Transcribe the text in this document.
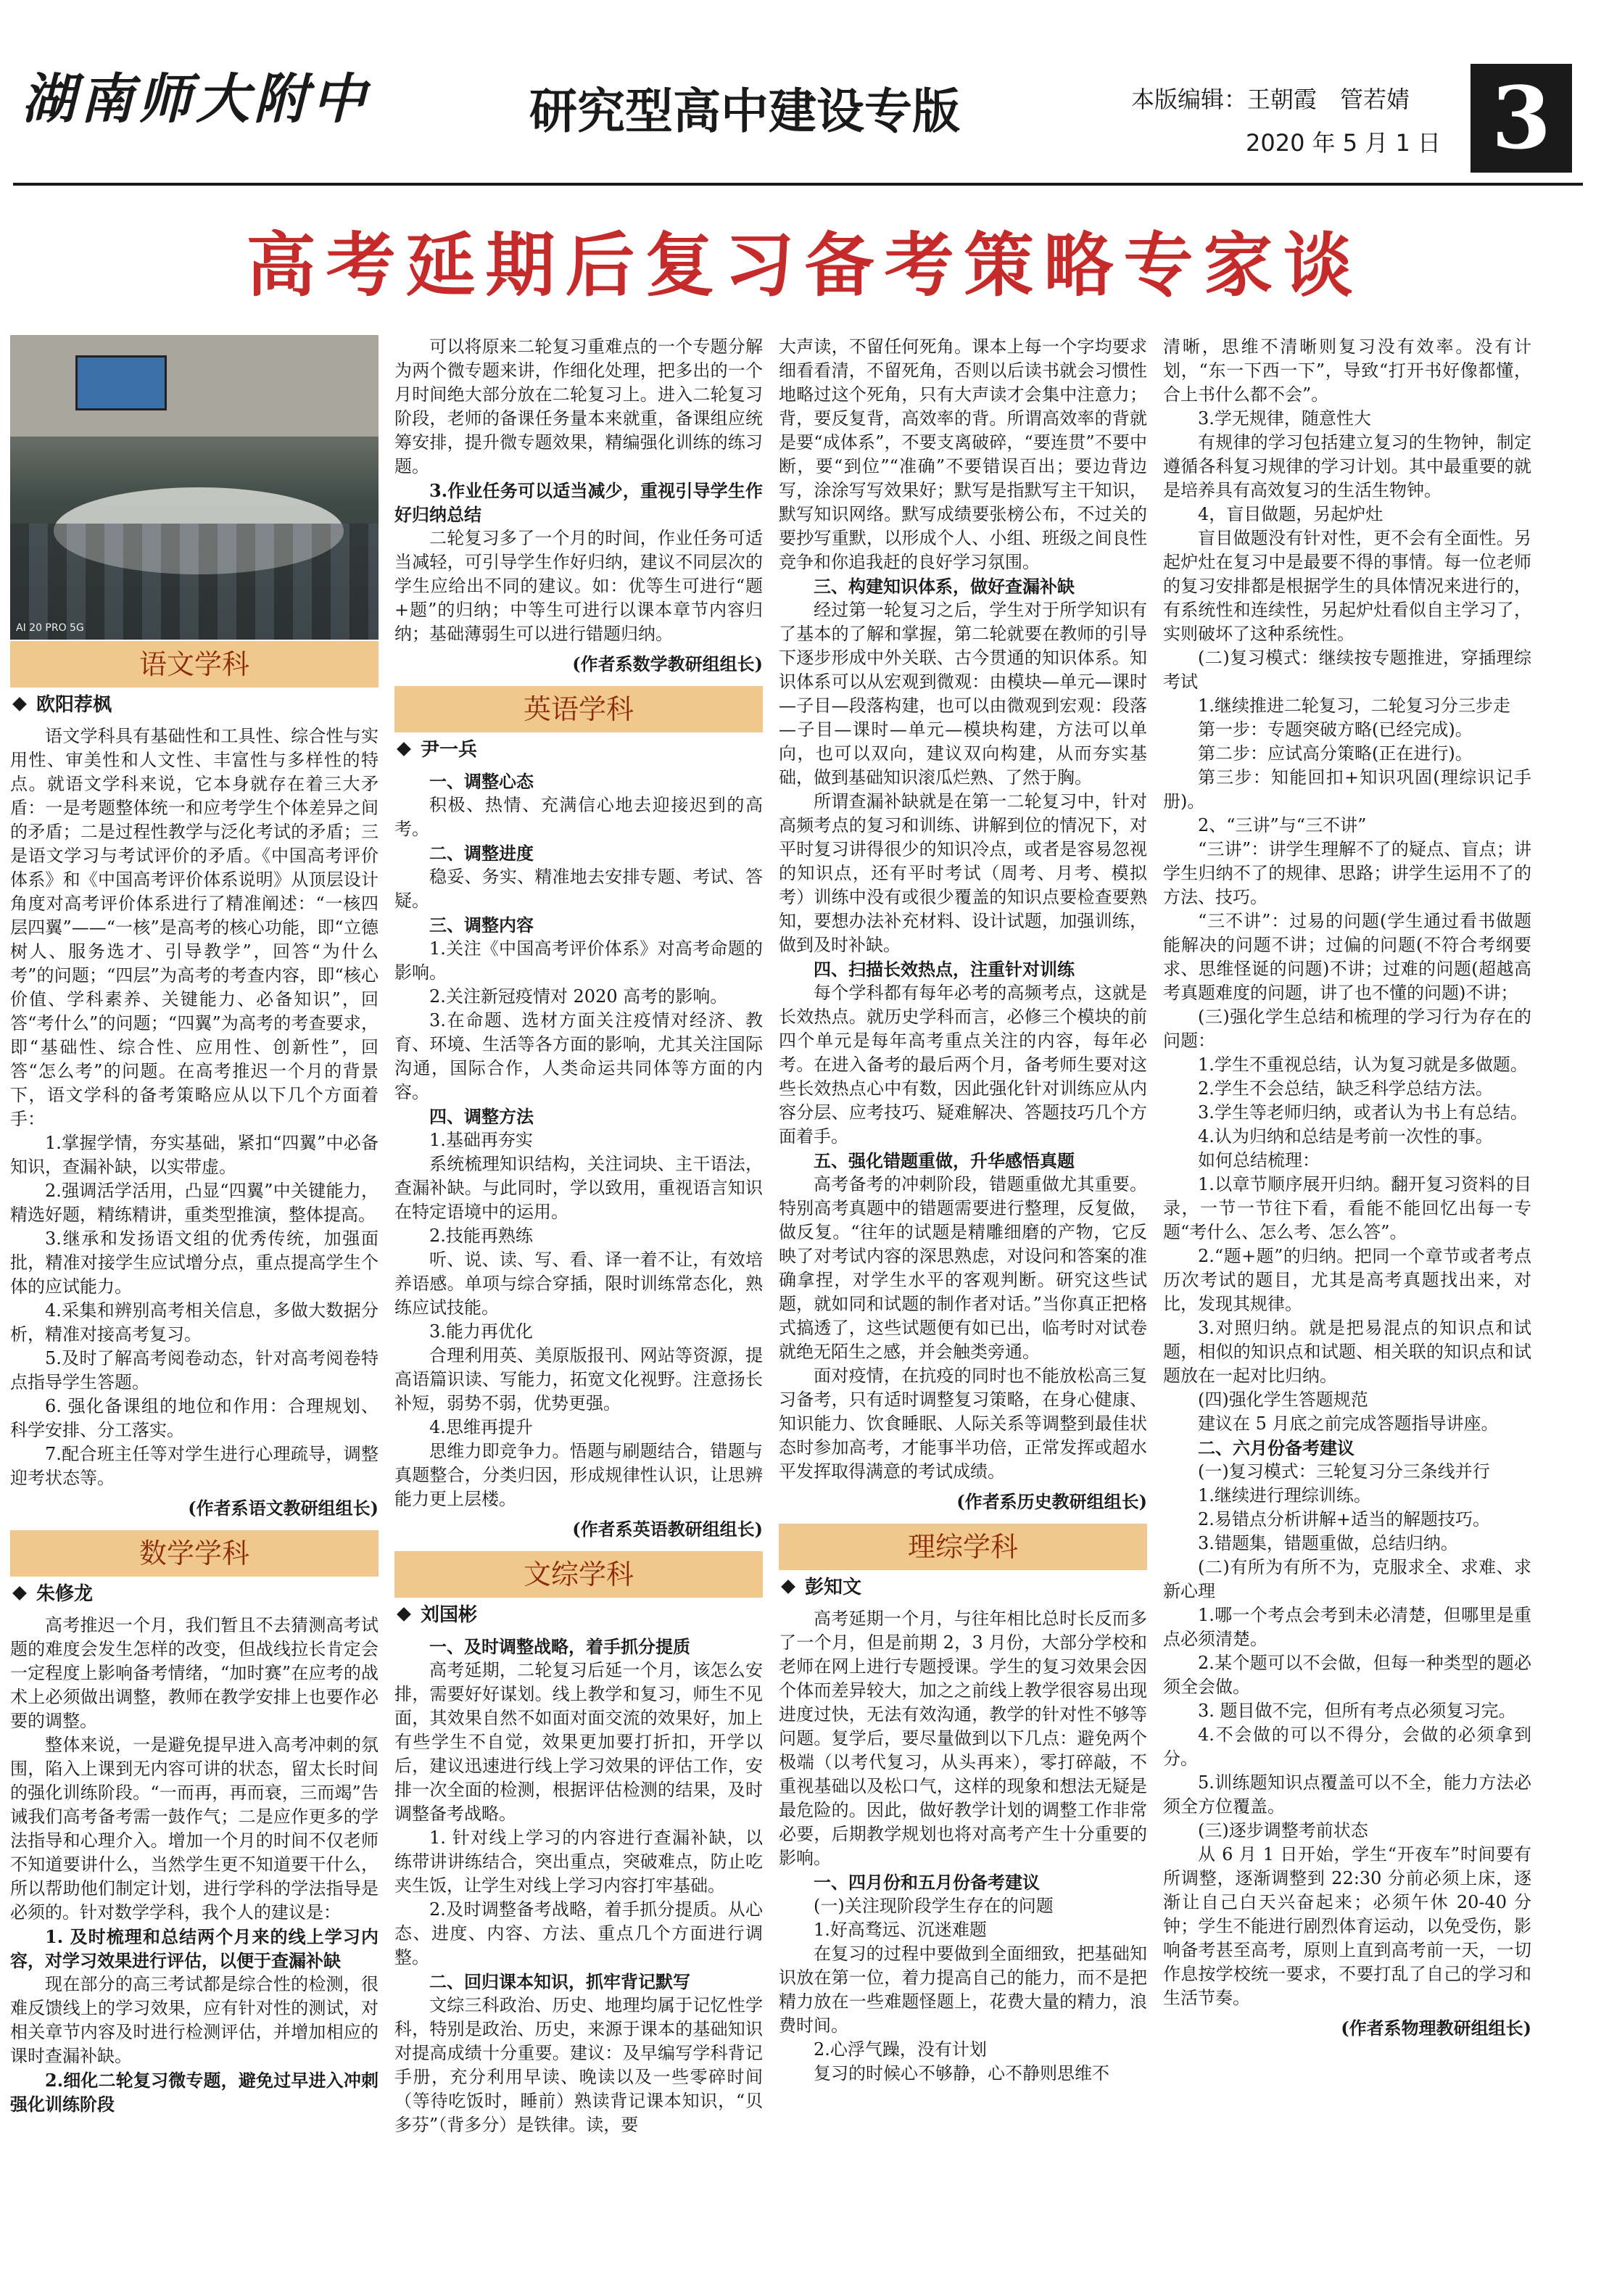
湖南师大附中	研究型高中建设专版	本版编辑：王朝霞　管若婧
2020 年 5 月 1 日 3
高考延期后复习备考策略专家谈
AI 20 PRO 5G
语文学科
欧阳荐枫

语文学科具有基础性和工具性、综合性与实用性、审美性和人文性、丰富性与多样性的特点。就语文学科来说，它本身就存在着三大矛盾：一是考题整体统一和应考学生个体差异之间的矛盾；二是过程性教学与泛化考试的矛盾；三是语文学习与考试评价的矛盾。《中国高考评价体系》和《中国高考评价体系说明》从顶层设计角度对高考评价体系进行了精准阐述：“一核四层四翼”——“一核”是高考的核心功能，即“立德树人、服务选才、引导教学”，回答“为什么考”的问题；“四层”为高考的考查内容，即“核心价值、学科素养、关键能力、必备知识”，回答“考什么”的问题；“四翼”为高考的考查要求，即“基础性、综合性、应用性、创新性”，回答“怎么考”的问题。在高考推迟一个月的背景下，语文学科的备考策略应从以下几个方面着手：

1.掌握学情，夯实基础，紧扣“四翼”中必备知识，查漏补缺，以实带虚。

2.强调活学活用，凸显“四翼”中关键能力，精选好题，精练精讲，重类型推演，整体提高。

3.继承和发扬语文组的优秀传统，加强面批，精准对接学生应试增分点，重点提高学生个体的应试能力。

4.采集和辨别高考相关信息，多做大数据分析，精准对接高考复习。

5.及时了解高考阅卷动态，针对高考阅卷特点指导学生答题。

6. 强化备课组的地位和作用：合理规划、科学安排、分工落实。

7.配合班主任等对学生进行心理疏导，调整迎考状态等。

(作者系语文教研组组长)

数学学科
朱修龙

高考推迟一个月，我们暂且不去猜测高考试题的难度会发生怎样的改变，但战线拉长肯定会一定程度上影响备考情绪，“加时赛”在应考的战术上必须做出调整，教师在教学安排上也要作必要的调整。

整体来说，一是避免提早进入高考冲刺的氛围，陷入上课到无内容可讲的状态，留太长时间的强化训练阶段。“一而再，再而衰，三而竭”告诫我们高考备考需一鼓作气；二是应作更多的学法指导和心理介入。增加一个月的时间不仅老师不知道要讲什么，当然学生更不知道要干什么，所以帮助他们制定计划，进行学科的学法指导是必须的。针对数学学科，我个人的建议是：

1. 及时梳理和总结两个月来的线上学习内容，对学习效果进行评估，以便于查漏补缺

现在部分的高三考试都是综合性的检测，很难反馈线上的学习效果，应有针对性的测试，对相关章节内容及时进行检测评估，并增加相应的课时查漏补缺。

2.细化二轮复习微专题，避免过早进入冲刺强化训练阶段

可以将原来二轮复习重难点的一个专题分解为两个微专题来讲，作细化处理，把多出的一个月时间绝大部分放在二轮复习上。进入二轮复习阶段，老师的备课任务量本来就重，备课组应统筹安排，提升微专题效果，精编强化训练的练习题。

3.作业任务可以适当减少，重视引导学生作好归纳总结

二轮复习多了一个月的时间，作业任务可适当减轻，可引导学生作好归纳，建议不同层次的学生应给出不同的建议。如：优等生可进行“题+题”的归纳；中等生可进行以课本章节内容归纳；基础薄弱生可以进行错题归纳。

(作者系数学教研组组长)

英语学科
尹一兵

一、调整心态

积极、热情、充满信心地去迎接迟到的高考。

二、调整进度

稳妥、务实、精准地去安排专题、考试、答疑。

三、调整内容

1.关注《中国高考评价体系》对高考命题的影响。

2.关注新冠疫情对 2020 高考的影响。

3.在命题、选材方面关注疫情对经济、教育、环境、生活等各方面的影响，尤其关注国际沟通，国际合作，人类命运共同体等方面的内容。

四、调整方法

1.基础再夯实

系统梳理知识结构，关注词块、主干语法，查漏补缺。与此同时，学以致用，重视语言知识在特定语境中的运用。

2.技能再熟练

听、说、读、写、看、译一着不让，有效培养语感。单项与综合穿插，限时训练常态化，熟练应试技能。

3.能力再优化

合理利用英、美原版报刊、网站等资源，提高语篇识读、写能力，拓宽文化视野。注意扬长补短，弱势不弱，优势更强。

4.思维再提升

思维力即竞争力。悟题与刷题结合，错题与真题整合，分类归因，形成规律性认识，让思辨能力更上层楼。

(作者系英语教研组组长)

文综学科
刘国彬

一、及时调整战略，着手抓分提质

高考延期，二轮复习后延一个月，该怎么安排，需要好好谋划。线上教学和复习，师生不见面，其效果自然不如面对面交流的效果好，加上有些学生不自觉，效果更加要打折扣，开学以后，建议迅速进行线上学习效果的评估工作，安排一次全面的检测，根据评估检测的结果，及时调整备考战略。

1. 针对线上学习的内容进行查漏补缺，以练带讲讲练结合，突出重点，突破难点，防止吃夹生饭，让学生对线上学习内容打牢基础。

2.及时调整备考战略，着手抓分提质。从心态、进度、内容、方法、重点几个方面进行调整。

二、回归课本知识，抓牢背记默写

文综三科政治、历史、地理均属于记忆性学科，特别是政治、历史，来源于课本的基础知识对提高成绩十分重要。建议：及早编写学科背记手册，充分利用早读、晚读以及一些零碎时间（等待吃饭时，睡前）熟读背记课本知识，“贝多芬”（背多分）是铁律。读，要

大声读，不留任何死角。课本上每一个字均要求细看看清，不留死角，否则以后读书就会习惯性地略过这个死角，只有大声读才会集中注意力；背，要反复背，高效率的背。所谓高效率的背就是要“成体系”，不要支离破碎，“要连贯”不要中断，要“到位”“准确”不要错误百出；要边背边写，涂涂写写效果好；默写是指默写主干知识，默写知识网络。默写成绩要张榜公布，不过关的要抄写重默，以形成个人、小组、班级之间良性竞争和你追我赶的良好学习氛围。

三、构建知识体系，做好查漏补缺

经过第一轮复习之后，学生对于所学知识有了基本的了解和掌握，第二轮就要在教师的引导下逐步形成中外关联、古今贯通的知识体系。知识体系可以从宏观到微观：由模块—单元—课时—子目—段落构建，也可以由微观到宏观：段落—子目—课时—单元—模块构建，方法可以单向，也可以双向，建议双向构建，从而夯实基础，做到基础知识滚瓜烂熟、了然于胸。

所谓查漏补缺就是在第一二轮复习中，针对高频考点的复习和训练、讲解到位的情况下，对平时复习讲得很少的知识冷点，或者是容易忽视的知识点，还有平时考试（周考、月考、模拟考）训练中没有或很少覆盖的知识点要检查要熟知，要想办法补充材料、设计试题，加强训练，做到及时补缺。

四、扫描长效热点，注重针对训练

每个学科都有每年必考的高频考点，这就是长效热点。就历史学科而言，必修三个模块的前四个单元是每年高考重点关注的内容，每年必考。在进入备考的最后两个月，备考师生要对这些长效热点心中有数，因此强化针对训练应从内容分层、应考技巧、疑难解决、答题技巧几个方面着手。

五、强化错题重做，升华感悟真题

高考备考的冲刺阶段，错题重做尤其重要。特别高考真题中的错题需要进行整理，反复做，做反复。“往年的试题是精雕细磨的产物，它反映了对考试内容的深思熟虑，对设问和答案的准确拿捏，对学生水平的客观判断。研究这些试题，就如同和试题的制作者对话。”当你真正把格式搞透了，这些试题便有如已出，临考时对试卷就绝无陌生之感，并会触类旁通。

面对疫情，在抗疫的同时也不能放松高三复习备考，只有适时调整复习策略，在身心健康、知识能力、饮食睡眠、人际关系等调整到最佳状态时参加高考，才能事半功倍，正常发挥或超水平发挥取得满意的考试成绩。

(作者系历史教研组组长)

理综学科
彭知文

高考延期一个月，与往年相比总时长反而多了一个月，但是前期 2，3 月份，大部分学校和老师在网上进行专题授课。学生的复习效果会因个体而差异较大，加之之前线上教学很容易出现进度过快，无法有效沟通，教学的针对性不够等问题。复学后，要尽量做到以下几点：避免两个极端（以考代复习，从头再来），零打碎敲，不重视基础以及松口气，这样的现象和想法无疑是最危险的。因此，做好教学计划的调整工作非常必要，后期教学规划也将对高考产生十分重要的影响。

一、四月份和五月份备考建议

(一)关注现阶段学生存在的问题

1.好高骛远、沉迷难题

在复习的过程中要做到全面细致，把基础知识放在第一位，着力提高自己的能力，而不是把精力放在一些难题怪题上，花费大量的精力，浪费时间。

2.心浮气躁，没有计划

复习的时候心不够静，心不静则思维不

清晰，思维不清晰则复习没有效率。没有计划，“东一下西一下”，导致“打开书好像都懂，合上书什么都不会”。

3.学无规律，随意性大

有规律的学习包括建立复习的生物钟，制定遵循各科复习规律的学习计划。其中最重要的就是培养具有高效复习的生活生物钟。

4，盲目做题，另起炉灶

盲目做题没有针对性，更不会有全面性。另起炉灶在复习中是最要不得的事情。每一位老师的复习安排都是根据学生的具体情况来进行的，有系统性和连续性，另起炉灶看似自主学习了，实则破坏了这种系统性。

(二)复习模式：继续按专题推进，穿插理综考试

1.继续推进二轮复习，二轮复习分三步走

第一步：专题突破方略(已经完成)。

第二步：应试高分策略(正在进行)。

第三步：知能回扣+知识巩固(理综识记手册)。

2、“三讲”与“三不讲”

“三讲”：讲学生理解不了的疑点、盲点；讲学生归纳不了的规律、思路；讲学生运用不了的方法、技巧。

“三不讲”：过易的问题(学生通过看书做题能解决的问题不讲；过偏的问题(不符合考纲要求、思维怪诞的问题)不讲；过难的问题(超越高考真题难度的问题，讲了也不懂的问题)不讲；

(三)强化学生总结和梳理的学习行为存在的问题：

1.学生不重视总结，认为复习就是多做题。

2.学生不会总结，缺乏科学总结方法。

3.学生等老师归纳，或者认为书上有总结。

4.认为归纳和总结是考前一次性的事。

如何总结梳理：

1.以章节顺序展开归纳。翻开复习资料的目录，一节一节往下看，看能不能回忆出每一专题“考什么、怎么考、怎么答”。

2.“题+题”的归纳。把同一个章节或者考点历次考试的题目，尤其是高考真题找出来，对比，发现其规律。

3.对照归纳。就是把易混点的知识点和试题，相似的知识点和试题、相关联的知识点和试题放在一起对比归纳。

(四)强化学生答题规范

建议在 5 月底之前完成答题指导讲座。

二、六月份备考建议

(一)复习模式：三轮复习分三条线并行

1.继续进行理综训练。

2.易错点分析讲解+适当的解题技巧。

3.错题集，错题重做，总结归纳。

(二)有所为有所不为，克服求全、求难、求新心理

1.哪一个考点会考到未必清楚，但哪里是重点必须清楚。

2.某个题可以不会做，但每一种类型的题必须全会做。

3. 题目做不完，但所有考点必须复习完。

4.不会做的可以不得分，会做的必须拿到分。

5.训练题知识点覆盖可以不全，能力方法必须全方位覆盖。

(三)逐步调整考前状态

从 6 月 1 日开始，学生“开夜车”时间要有所调整，逐渐调整到 22:30 分前必须上床，逐渐让自己白天兴奋起来；必须午休 20-40 分钟；学生不能进行剧烈体育运动，以免受伤，影响备考甚至高考，原则上直到高考前一天，一切作息按学校统一要求，不要打乱了自己的学习和生活节奏。

(作者系物理教研组组长)
